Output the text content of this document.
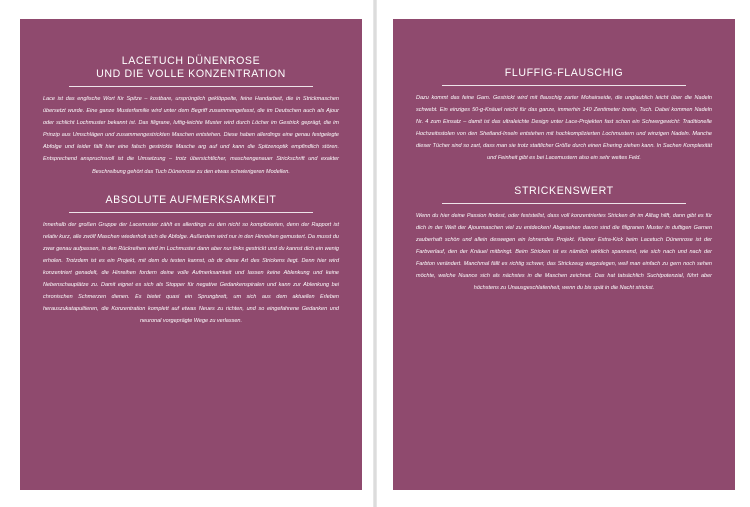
LACETUCH DÜNENROSE
UND DIE VOLLE KONZENTRATION

Lace ist das englische Wort für Spitze – kostbare, ursprünglich geklöppelte, feine Handarbeit, die in Strickmaschen übersetzt wurde. Eine ganze Musterfamilie wird unter dem Begriff zusammengefasst, die im Deutschen auch als Ajour oder schlicht Lochmuster bekannt ist. Das filigrane, luftig-leichte Muster wird durch Löcher im Gestrick geprägt, die im Prinzip aus Umschlägen und zusammengestrickten Maschen entstehen. Diese haben allerdings eine genau festgelegte Abfolge und leider fällt hier eine falsch gestrickte Masche arg auf und kann die Spitzenoptik empfindlich stören. Entsprechend anspruchsvoll ist die Umsetzung – trotz übersichtlicher, maschengenauer Strickschrift und exakter Beschreibung gehört das Tuch Dünenrose zu den etwas schwierigeren Modellen.

ABSOLUTE AUFMERKSAMKEIT

Innerhalb der großen Gruppe der Lacemuster zählt es allerdings zu den nicht so komplizierten, denn der Rapport ist relativ kurz, alle zwölf Maschen wiederholt sich die Abfolge. Außerdem wird nur in den Hinreihen gemustert. Da musst du zwar genau aufpassen, in den Rückreihen wird im Lochmuster dann aber nur links gestrickt und du kannst dich ein wenig erholen. Trotzdem ist es ein Projekt, mit dem du testen kannst, ob dir diese Art des Strickens liegt. Denn hier wird konzentriert genadelt, die Hinreihen fordern deine volle Aufmerksamkeit und lassen keine Ablenkung und keine Nebenschauplätze zu. Damit eignet es sich als Stopper für negative Gedankenspiralen und kann zur Ablenkung bei chronischen Schmerzen dienen. Es bietet quasi ein Sprungbrett, um sich aus dem aktuellen Erleben herauszukatapultieren, die Konzentration komplett auf etwas Neues zu richten, und so eingefahrene Gedanken und neuronal vorgeprägte Wege zu verlassen.

FLUFFIG-FLAUSCHIG

Dazu kommt das feine Garn. Gestrickt wird mit flauschig zarter Mohairseide, die unglaublich leicht über die Nadeln schwebt. Ein einziges 50-g-Knäuel reicht für das ganze, immerhin 140 Zentimeter breite, Tuch. Dabei kommen Nadeln Nr. 4 zum Einsatz – damit ist das ultraleichte Design unter Lace-Projekten fast schon ein Schwergewicht: Traditionelle Hochzeitsstolen von den Shetland-Inseln entstehen mit hochkomplizierten Lochmustern und winzigen Nadeln. Manche dieser Tücher sind so zart, dass man sie trotz stattlicher Größe durch einen Ehering ziehen kann. In Sachen Komplexität und Feinheit gibt es bei Lacemustern also ein sehr weites Feld.

STRICKENSWERT

Wenn du hier deine Passion findest, oder feststellst, dass voll konzentriertes Stricken dir im Alltag hilft, dann gibt es für dich in der Welt der Ajourmaschen viel zu entdecken! Abgesehen davon sind die filigranen Muster in duftigen Garnen zauberhaft schön und allein deswegen ein lohnendes Projekt. Kleiner Extra-Kick beim Lacetuch Dünenrose ist der Farbverlauf, den der Knäuel mitbringt. Beim Stricken ist es nämlich wirklich spannend, wie sich nach und nach der Farbton verändert. Manchmal fällt es richtig schwer, das Strickzeug wegzulegen, weil man einfach zu gern noch sehen möchte, welche Nuance sich als nächstes in die Maschen zeichnet. Das hat tatsächlich Suchtpotenzial, führt aber höchstens zu Unausgeschlafenheit, wenn du bis spät in die Nacht strickst.
